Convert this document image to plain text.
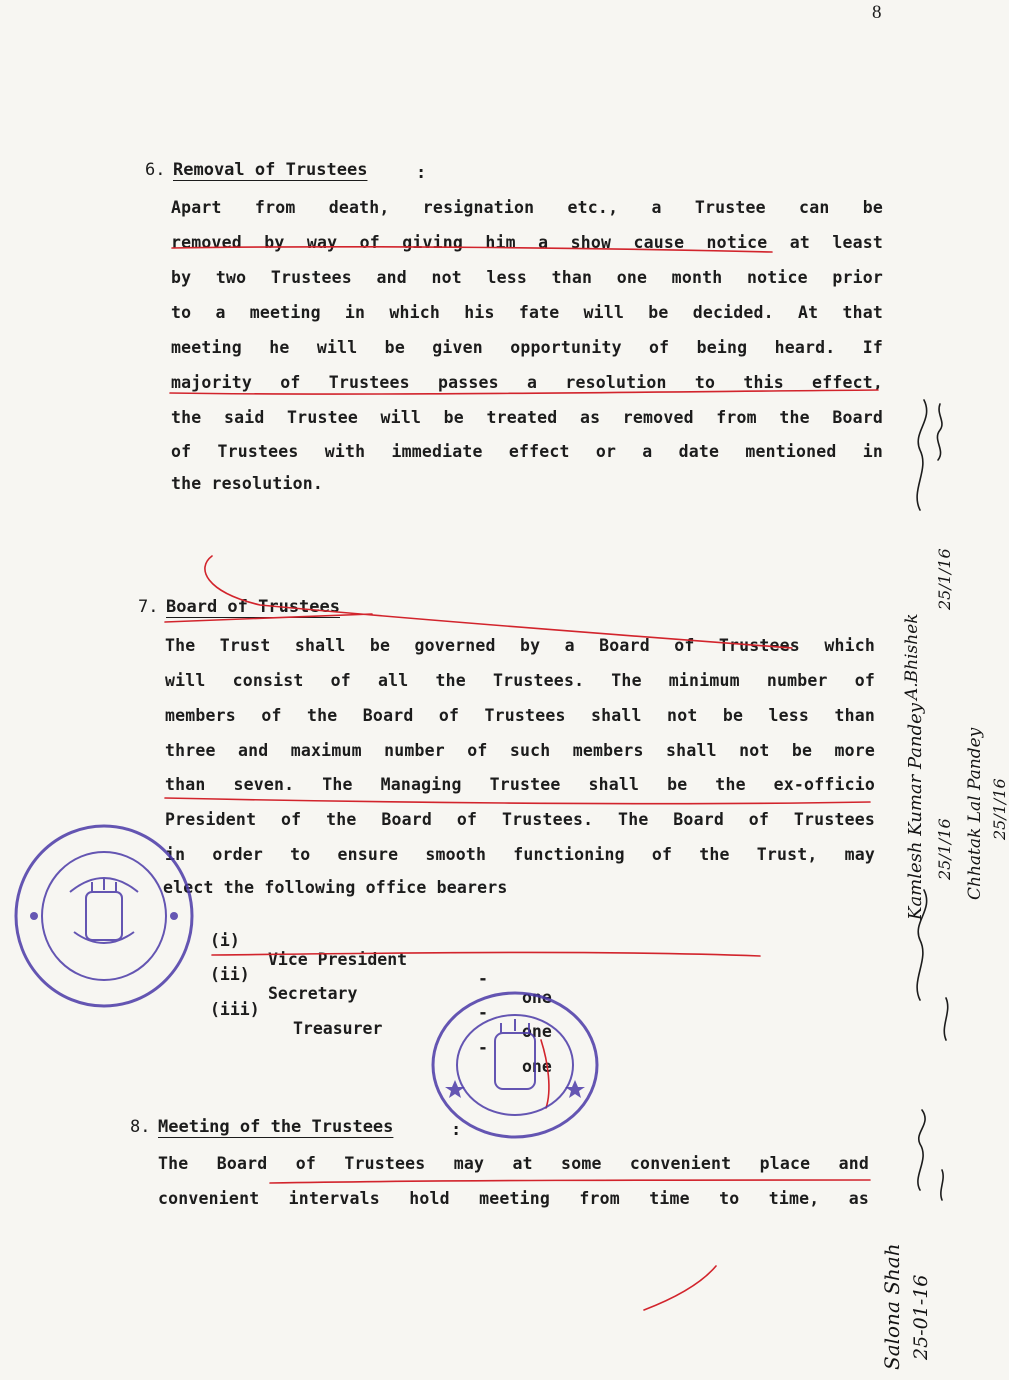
8
6. Removal of Trustees	:
Apart from death, resignation etc., a Trustee can be
removed by way of giving him a show cause notice at least
by two Trustees and not less than one month notice prior
to a meeting in which his fate will be decided. At that
meeting he will be given opportunity of being heard. If
majority of Trustees passes a resolution to this effect,
the said Trustee will be treated as removed from the Board
of Trustees with immediate effect or a date mentioned in
the resolution.
7. Board of Trustees
The Trust shall be governed by a Board of Trustees which
will consist of all the Trustees. The minimum number of
members of the Board of Trustees shall not be less than
three and maximum number of such members shall not be more
than seven. The Managing Trustee shall be the ex-officio
President of the Board of Trustees. The Board of Trustees
in order to ensure smooth functioning of the Trust, may
elect the following office bearers

(i)

Vice President

-

one

(ii)

Secretary

-

one

(iii)

Treasurer

-

one

8. Meeting of the Trustees	:
The Board of Trustees may at some convenient place and
convenient intervals hold meeting from time to time, as
Kamlesh Kumar Pandey 25/1/16 Chhatak Lal Pandey 25/1/16
A.Bhishek
25/1/16
Salona Shah 25-01-16
